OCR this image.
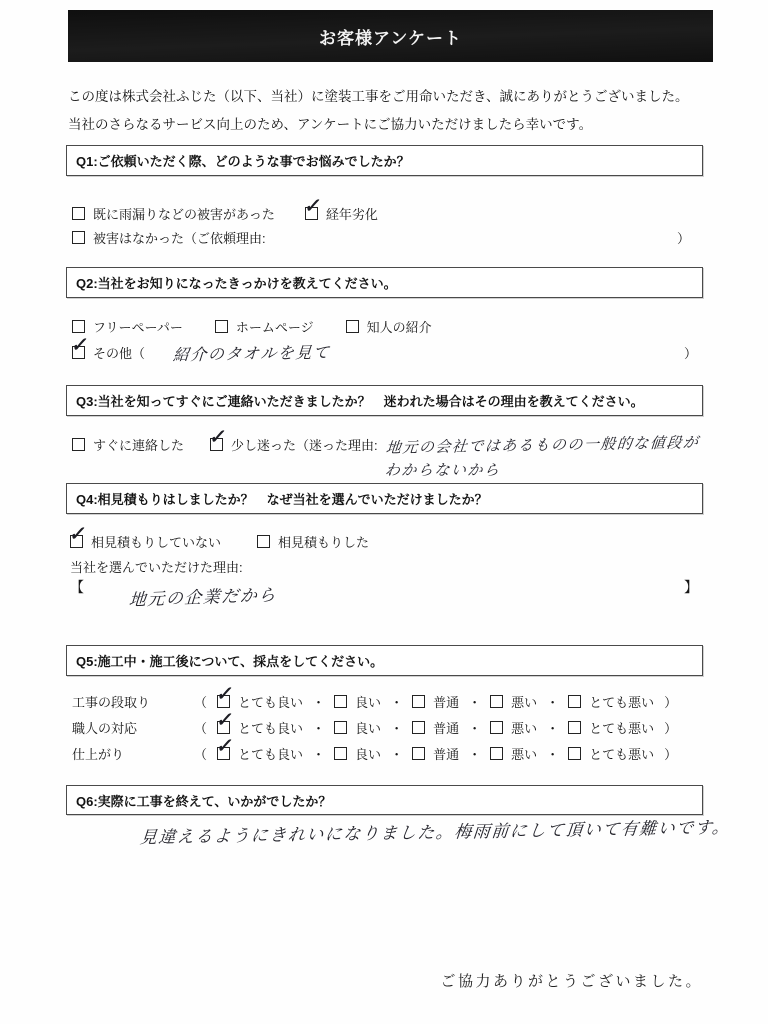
お客様アンケート
この度は株式会社ふじた（以下、当社）に塗装工事をご用命いただき、誠にありがとうございました。
当社のさらなるサービス向上のため、アンケートにご協力いただけましたら幸いです。
Q1:ご依頼いただく際、どのような事でお悩みでしたか？
既に雨漏りなどの被害があった ✓ 経年劣化
被害はなかった（ご依頼理由:	）
Q2:当社をお知りになったきっかけを教えてください。
フリーペーパー	ホームページ	知人の紹介
✓ その他（ 紹介のタオルを見て	）
Q3:当社を知ってすぐにご連絡いただきましたか？　迷われた場合はその理由を教えてください。
すぐに連絡した ✓ 少し迷った（迷った理由: 地元の会社ではあるものの一般的な値段が
わからないから
Q4:相見積もりはしましたか？　なぜ当社を選んでいただけましたか？
✓ 相見積もりしていない	相見積もりした
当社を選んでいただけた理由:
【	地元の企業だから	】
Q5:施工中・施工後について、採点をしてください。
工事の段取り	（ ✓ とても良い ・ 良い ・ 普通 ・ 悪い ・ とても悪い ）
職人の対応	（ ✓ とても良い ・ 良い ・ 普通 ・ 悪い ・ とても悪い ）
仕上がり	（ ✓ とても良い ・ 良い ・ 普通 ・ 悪い ・ とても悪い ）
Q6:実際に工事を終えて、いかがでしたか？
見違えるようにきれいになりました。梅雨前にして頂いて有難いです。
ご協力ありがとうございました。
